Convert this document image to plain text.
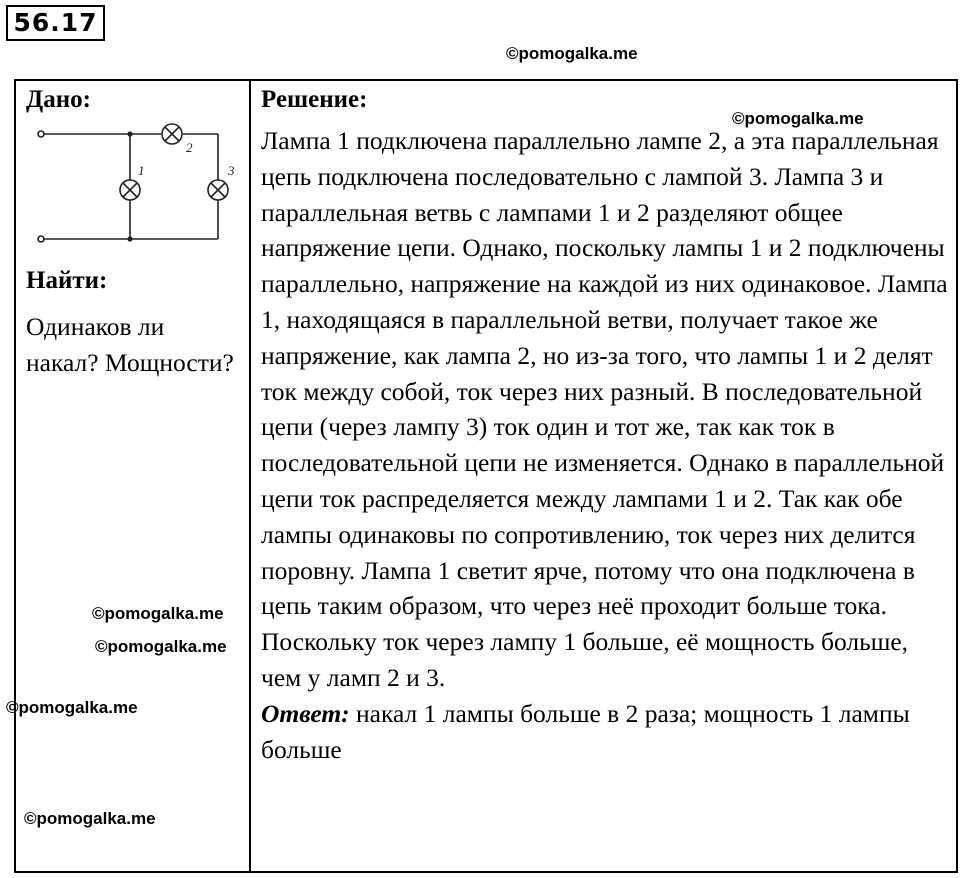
56.17
©pomogalka.me
©pomogalka.me
©pomogalka.me
©pomogalka.me
©pomogalka.me
©pomogalka.me
Дано:
1
2
3
Найти:
Одинаков ли накал? Мощности?
Решение:

Лампа 1 подключена параллельно лампе 2, а эта параллельная цепь подключена последовательно с лампой 3. Лампа 3 и параллельная ветвь с лампами 1 и 2 разделяют общее напряжение цепи. Однако, поскольку лампы 1 и 2 подключены параллельно, напряжение на каждой из них одинаковое. Лампа 1, находящаяся в параллельной ветви, получает такое же напряжение, как лампа 2, но из-за того, что лампы 1 и 2 делят ток между собой, ток через них разный. В последовательной цепи (через лампу 3) ток один и тот же, так как ток в последовательной цепи не изменяется. Однако в параллельной цепи ток распределяется между лампами 1 и 2. Так как обе лампы одинаковы по сопротивлению, ток через них делится поровну. Лампа 1 светит ярче, потому что она подключена в цепь таким образом, что через неё проходит больше тока. Поскольку ток через лампу 1 больше, её мощность больше, чем у ламп 2 и 3.

Ответ: накал 1 лампы больше в 2 раза; мощность 1 лампы больше
